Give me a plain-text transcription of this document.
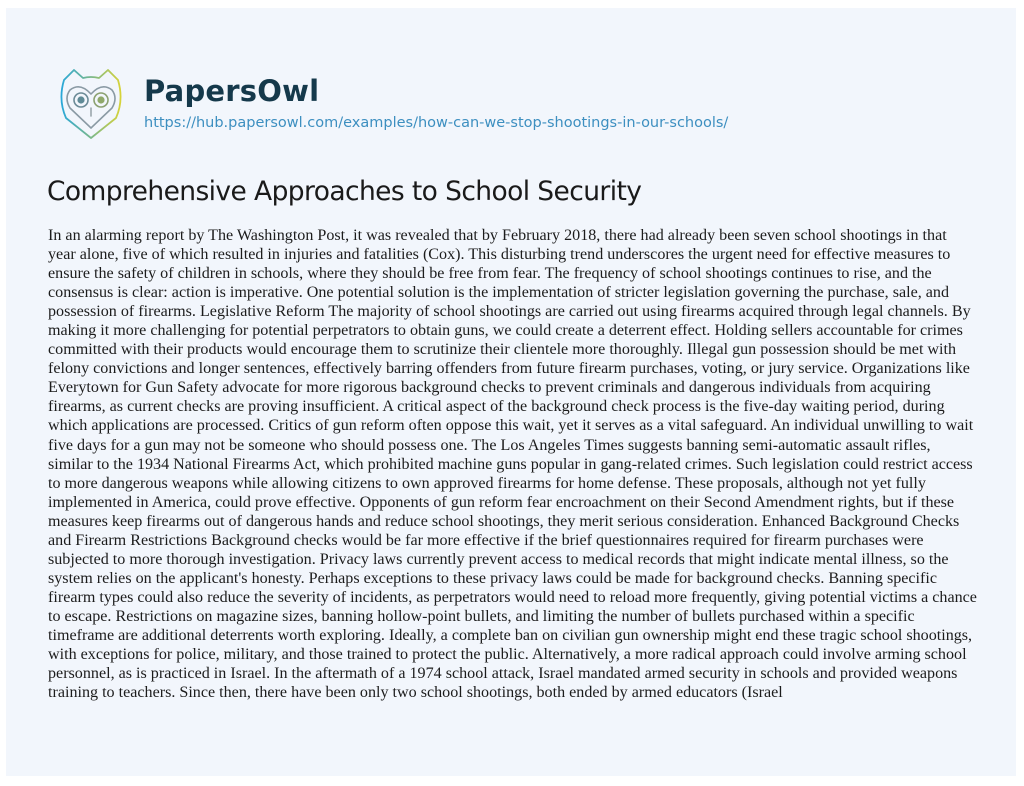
PapersOwl
https://hub.papersowl.com/examples/how-can-we-stop-shootings-in-our-schools/
Comprehensive Approaches to School Security

In an alarming report by The Washington Post, it was revealed that by February 2018, there had already been seven school shootings in that year alone, five of which resulted in injuries and fatalities (Cox). This disturbing trend underscores the urgent need for effective measures to ensure the safety of children in schools, where they should be free from fear. The frequency of school shootings continues to rise, and the consensus is clear: action is imperative. One potential solution is the implementation of stricter legislation governing the purchase, sale, and possession of firearms. Legislative Reform The majority of school shootings are carried out using firearms acquired through legal channels. By making it more challenging for potential perpetrators to obtain guns, we could create a deterrent effect. Holding sellers accountable for crimes committed with their products would encourage them to scrutinize their clientele more thoroughly. Illegal gun possession should be met with felony convictions and longer sentences, effectively barring offenders from future firearm purchases, voting, or jury service. Organizations like Everytown for Gun Safety advocate for more rigorous background checks to prevent criminals and dangerous individuals from acquiring firearms, as current checks are proving insufficient. A critical aspect of the background check process is the five-day waiting period, during which applications are processed. Critics of gun reform often oppose this wait, yet it serves as a vital safeguard. An individual unwilling to wait five days for a gun may not be someone who should possess one. The Los Angeles Times suggests banning semi-automatic assault rifles, similar to the 1934 National Firearms Act, which prohibited machine guns popular in gang-related crimes. Such legislation could restrict access to more dangerous weapons while allowing citizens to own approved firearms for home defense. These proposals, although not yet fully implemented in America, could prove effective. Opponents of gun reform fear encroachment on their Second Amendment rights, but if these measures keep firearms out of dangerous hands and reduce school shootings, they merit serious consideration. Enhanced Background Checks and Firearm Restrictions Background checks would be far more effective if the brief questionnaires required for firearm purchases were subjected to more thorough investigation. Privacy laws currently prevent access to medical records that might indicate mental illness, so the system relies on the applicant's honesty. Perhaps exceptions to these privacy laws could be made for background checks. Banning specific firearm types could also reduce the severity of incidents, as perpetrators would need to reload more frequently, giving potential victims a chance to escape. Restrictions on magazine sizes, banning hollow-point bullets, and limiting the number of bullets purchased within a specific timeframe are additional deterrents worth exploring. Ideally, a complete ban on civilian gun ownership might end these tragic school shootings, with exceptions for police, military, and those trained to protect the public. Alternatively, a more radical approach could involve arming school personnel, as is practiced in Israel. In the aftermath of a 1974 school attack, Israel mandated armed security in schools and provided weapons training to teachers. Since then, there have been only two school shootings, both ended by armed educators (Israel
